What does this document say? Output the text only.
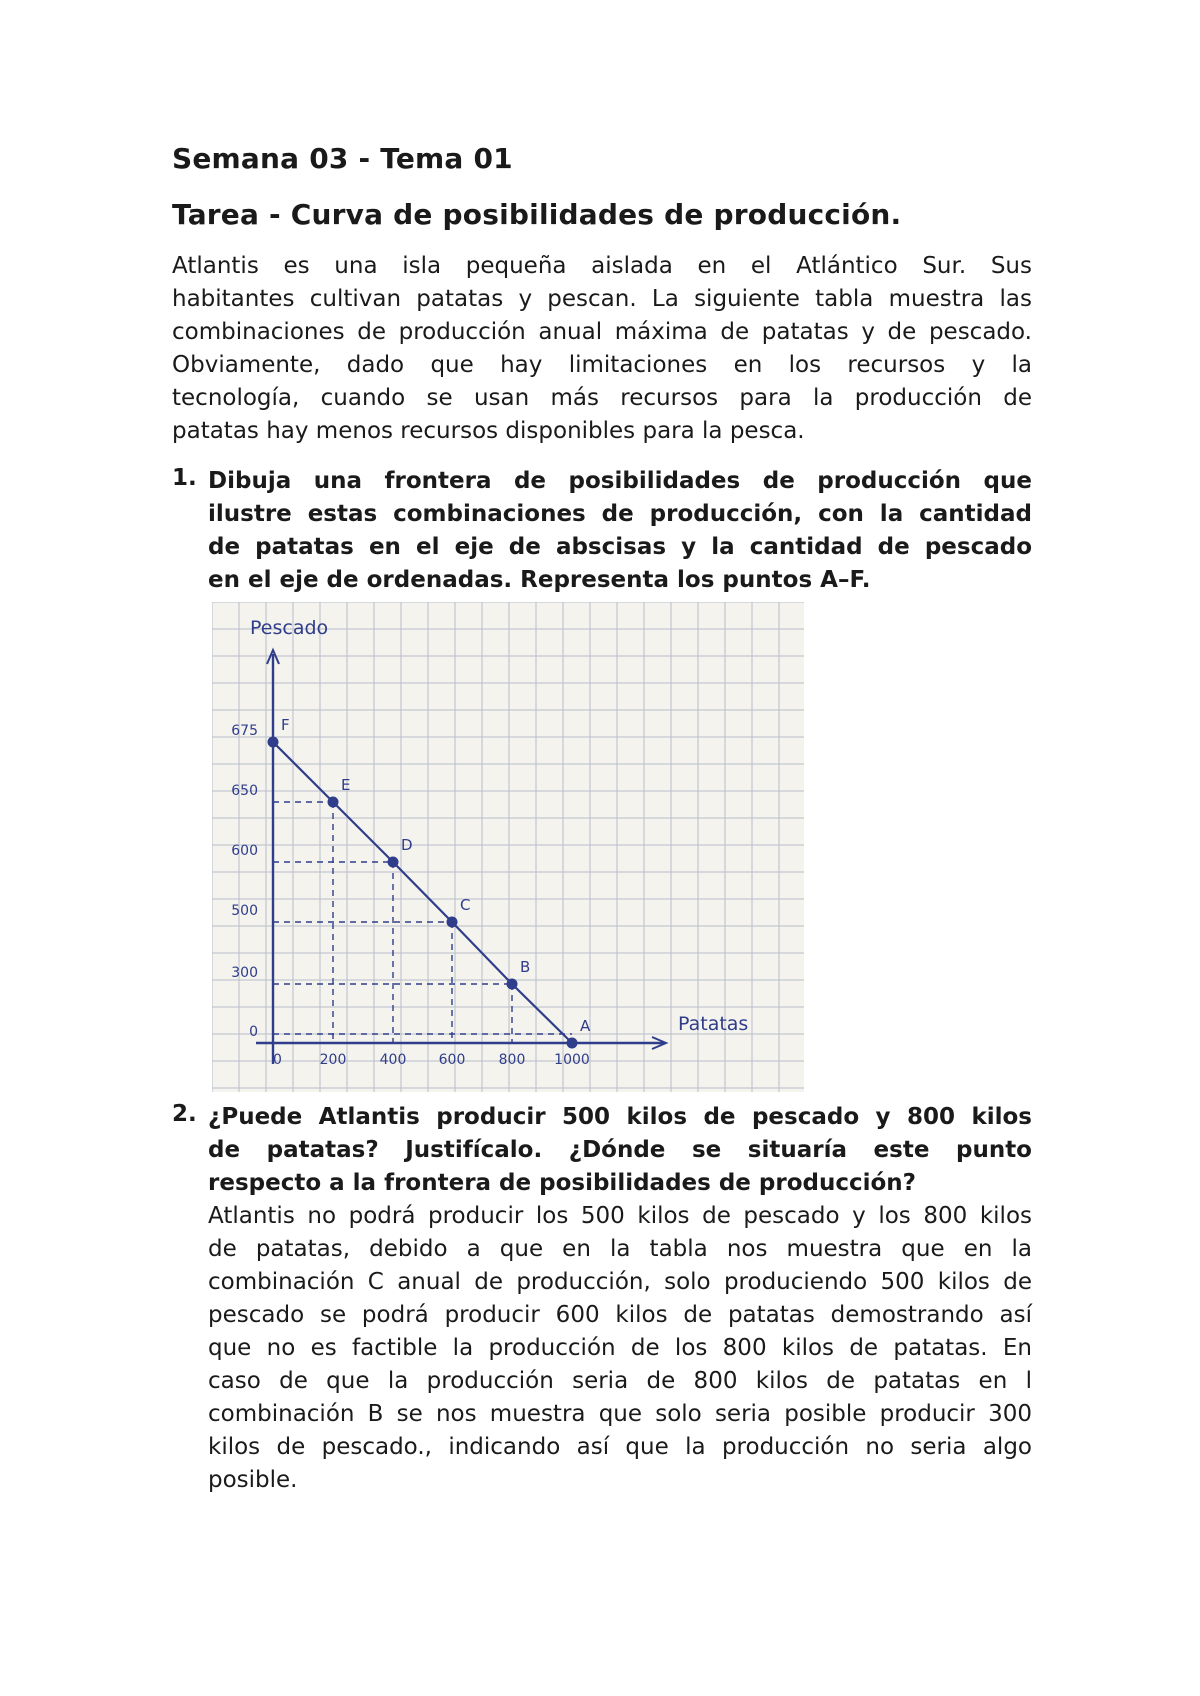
Semana 03 - Tema 01
Tarea - Curva de posibilidades de producción.
Atlantis es una isla pequeña aislada en el Atlántico Sur. Sus
habitantes cultivan patatas y pescan. La siguiente tabla muestra las
combinaciones de producción anual máxima de patatas y de pescado.
Obviamente, dado que hay limitaciones en los recursos y la
tecnología, cuando se usan más recursos para la producción de
patatas hay menos recursos disponibles para la pesca.
1. Dibuja una frontera de posibilidades de producción que
ilustre estas combinaciones de producción, con la cantidad
de patatas en el eje de abscisas y la cantidad de pescado
en el eje de ordenadas. Representa los puntos A–F.
Pescado
Patatas
0
300
500
600
650
675
0	200 400 600 800 1000
A
B
C
D
E
F
2. ¿Puede Atlantis producir 500 kilos de pescado y 800 kilos
de patatas? Justifícalo. ¿Dónde se situaría este punto
respecto a la frontera de posibilidades de producción?
Atlantis no podrá producir los 500 kilos de pescado y los 800 kilos
de patatas, debido a que en la tabla nos muestra que en la
combinación C anual de producción, solo produciendo 500 kilos de
pescado se podrá producir 600 kilos de patatas demostrando así
que no es factible la producción de los 800 kilos de patatas. En
caso de que la producción seria de 800 kilos de patatas en l
combinación B se nos muestra que solo seria posible producir 300
kilos de pescado., indicando así que la producción no seria algo
posible.
